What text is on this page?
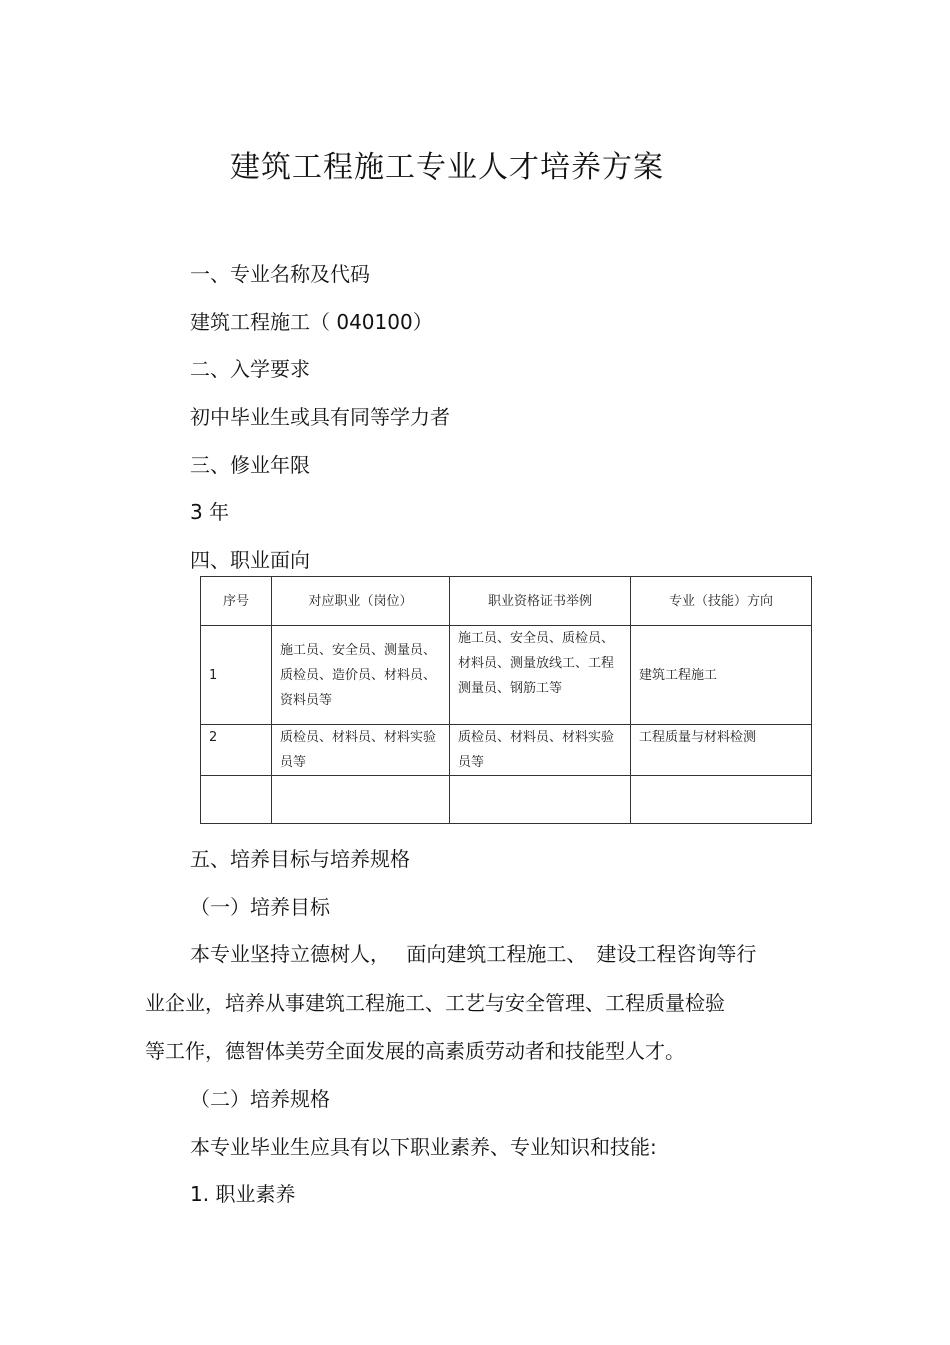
建筑工程施工专业人才培养方案
一、专业名称及代码
建筑工程施工（ 040100）
二、入学要求
初中毕业生或具有同等学力者
三、修业年限
3 年
四、职业面向
序号	对应职业（岗位）	职业资格证书举例	专业（技能）方向
1	施工员、安全员、测量员、质检员、造价员、材料员、资料员等	施工员、安全员、质检员、材料员、测量放线工、工程测量员、钢筋工等	建筑工程施工
2	质检员、材料员、材料实验员等	质检员、材料员、材料实验员等	工程质量与材料检测

五、培养目标与培养规格
（一）培养目标
本专业坚持立德树人，　 面向建筑工程施工、　建设工程咨询等行
业企业，培养从事建筑工程施工、工艺与安全管理、工程质量检验
等工作，德智体美劳全面发展的高素质劳动者和技能型人才。
（二）培养规格
本专业毕业生应具有以下职业素养、专业知识和技能:
1. 职业素养
